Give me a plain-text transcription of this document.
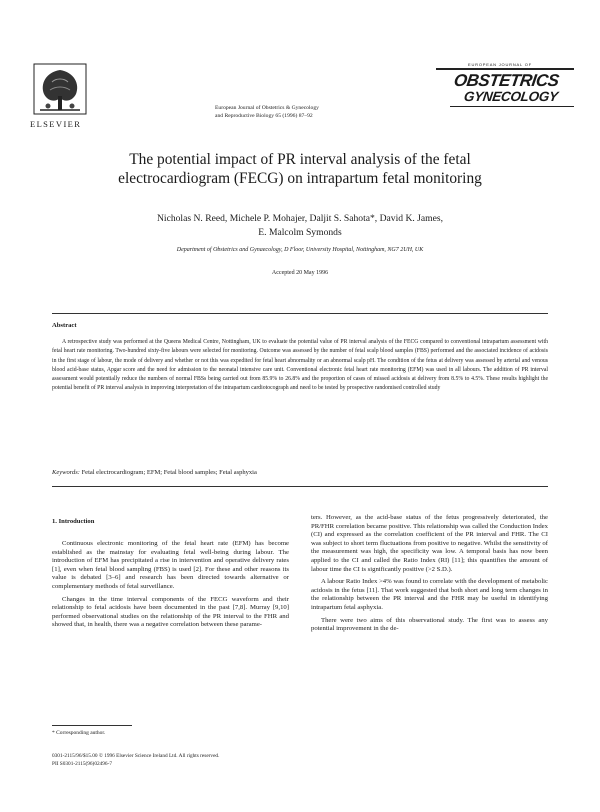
ELSEVIER
European Journal of Obstetrics & Gynecology
and Reproductive Biology 65 (1996) 87–92
EUROPEAN JOURNAL OF
OBSTETRICS
GYNECOLOGY
The potential impact of PR interval analysis of the fetal
electrocardiogram (FECG) on intrapartum fetal monitoring
Nicholas N. Reed, Michele P. Mohajer, Daljit S. Sahota*, David K. James,
E. Malcolm Symonds
Department of Obstetrics and Gynaecology, D Floor, University Hospital, Nottingham, NG7 2UH, UK
Accepted 20 May 1996
Abstract
A retrospective study was performed at the Queens Medical Centre, Nottingham, UK to evaluate the potential value of PR interval analysis of the FECG compared to conventional intrapartum assessment with fetal heart rate monitoring. Two-hundred sixty-five labours were selected for monitoring. Outcome was assessed by the number of fetal scalp blood samples (FBS) performed and the associated incidence of acidosis in the first stage of labour, the mode of delivery and whether or not this was expedited for fetal heart abnormality or an abnormal scalp pH. The condition of the fetus at delivery was assessed by arterial and venous blood acid-base status, Apgar score and the need for admission to the neonatal intensive care unit. Conventional electronic fetal heart rate monitoring (EFM) was used in all labours. The addition of PR interval assessment would potentially reduce the numbers of normal FBSs being carried out from 85.9% to 26.8% and the proportion of cases of missed acidosis at delivery from 8.5% to 4.5%. These results highlight the potential benefit of PR interval analysis in improving interpretation of the intrapartum cardiotocograph and need to be tested by prospective randomised controlled study
Keywords: Fetal electrocardiogram; EFM; Fetal blood samples; Fetal asphyxia
1. Introduction

Continuous electronic monitoring of the fetal heart rate (EFM) has become established as the mainstay for evaluating fetal well-being during labour. The introduction of EFM has precipitated a rise in intervention and operative delivery rates [1], even when fetal blood sampling (FBS) is used [2]. For these and other reasons its value is debated [3–6] and research has been directed towards alternative or complementary methods of fetal surveillance.

Changes in the time interval components of the FECG waveform and their relationship to fetal acidosis have been documented in the past [7,8]. Murray [9,10] performed observational studies on the relationship of the PR interval to the FHR and showed that, in health, there was a negative correlation between these parame-

ters. However, as the acid-base status of the fetus progressively deteriorated, the PR/FHR correlation became positive. This relationship was called the Conduction Index (CI) and expressed as the correlation coefficient of the PR interval and FHR. The CI was subject to short term fluctuations from positive to negative. Whilst the sensitivity of the measurement was high, the specificity was low. A temporal basis has now been applied to the CI and called the Ratio Index (RI) [11]; this quantifies the amount of labour time the CI is significantly positive (>2 S.D.).

A labour Ratio Index >4% was found to correlate with the development of metabolic acidosis in the fetus [11]. That work suggested that both short and long term changes in the relationship between the PR interval and the FHR may be useful in identifying intrapartum fetal asphyxia.

There were two aims of this observational study. The first was to assess any potential improvement in the de-

* Corresponding author.
0301-2115/96/$15.00 © 1996 Elsevier Science Ireland Ltd. All rights reserved.
PII S0301-2115(96)02496-7
